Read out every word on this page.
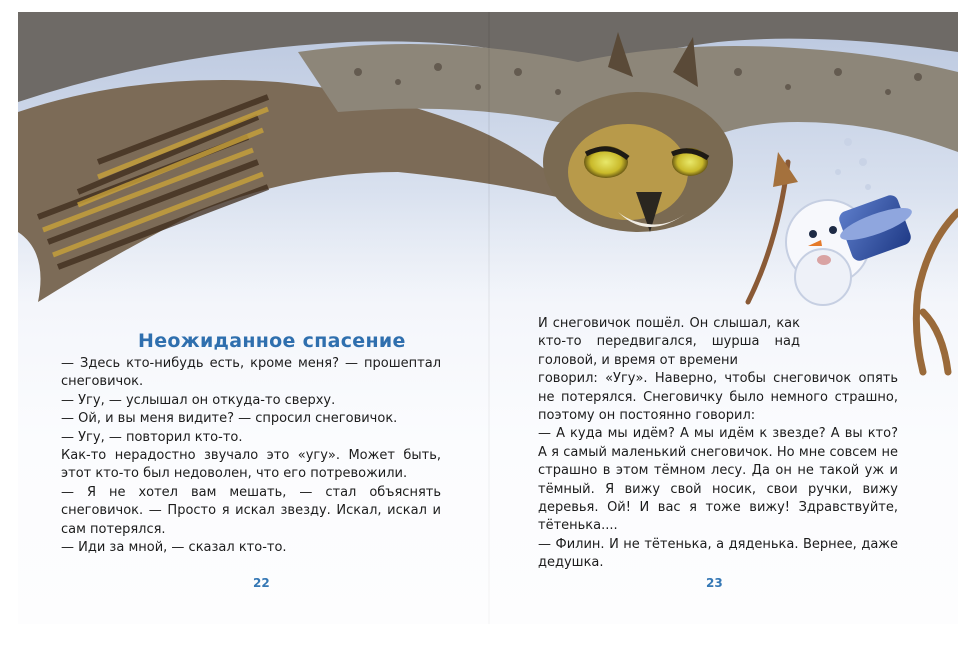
Неожиданное спасение

— Здесь кто-нибудь есть, кроме меня? — прошептал снеговичок.

— Угу, — услышал он откуда-то сверху.

— Ой, и вы меня видите? — спросил снеговичок.

— Угу, — повторил кто-то.

Как-то нерадостно звучало это «угу». Может быть, этот кто-то был недоволен, что его потревожили.

— Я не хотел вам мешать, — стал объяснять снеговичок. — Просто я искал звезду. Искал, искал и сам потерялся.

— Иди за мной, — сказал кто-то.

И снеговичок пошёл. Он слышал, как кто-то передвигался, шурша над головой, и время от времени

говорил: «Угу». Наверно, чтобы снеговичок опять не потерялся. Снеговичку было немного страшно, поэтому он постоянно говорил:

— А куда мы идём? А мы идём к звезде? А вы кто? А я самый маленький снеговичок. Но мне совсем не страшно в этом тёмном лесу. Да он не такой уж и тёмный. Я вижу свой носик, свои ручки, вижу деревья. Ой! И вас я тоже вижу! Здравствуйте, тётенька....

— Филин. И не тётенька, а дяденька. Вернее, даже дедушка.

22	23
